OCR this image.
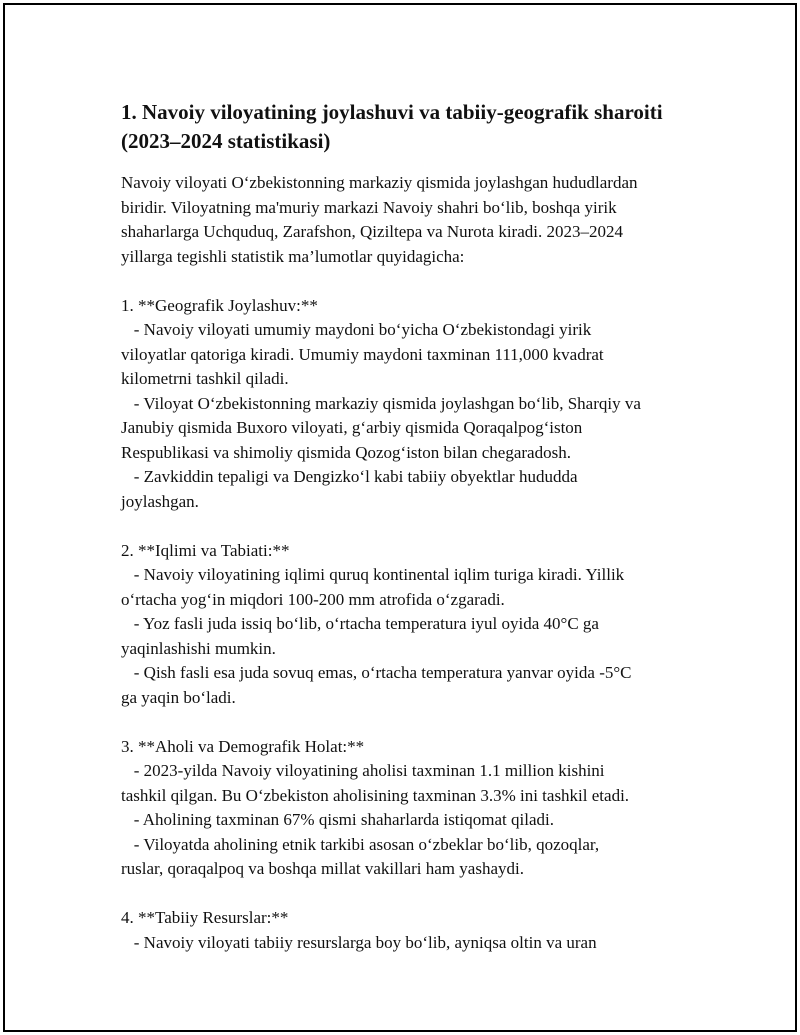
1. Navoiy viloyatining joylashuvi va tabiiy-geografik sharoiti
(2023–2024 statistikasi)
Navoiy viloyati O‘zbekistonning markaziy qismida joylashgan hududlardan
biridir. Viloyatning ma'muriy markazi Navoiy shahri bo‘lib, boshqa yirik
shaharlarga Uchquduq, Zarafshon, Qiziltepa va Nurota kiradi. 2023–2024
yillarga tegishli statistik ma’lumotlar quyidagicha:
1. **Geografik Joylashuv:**
- Navoiy viloyati umumiy maydoni bo‘yicha O‘zbekistondagi yirik
viloyatlar qatoriga kiradi. Umumiy maydoni taxminan 111,000 kvadrat
kilometrni tashkil qiladi.
- Viloyat O‘zbekistonning markaziy qismida joylashgan bo‘lib, Sharqiy va
Janubiy qismida Buxoro viloyati, g‘arbiy qismida Qoraqalpog‘iston
Respublikasi va shimoliy qismida Qozog‘iston bilan chegaradosh.
- Zavkiddin tepaligi va Dengizko‘l kabi tabiiy obyektlar hududda
joylashgan.
2. **Iqlimi va Tabiati:**
- Navoiy viloyatining iqlimi quruq kontinental iqlim turiga kiradi. Yillik
o‘rtacha yog‘in miqdori 100-200 mm atrofida o‘zgaradi.
- Yoz fasli juda issiq bo‘lib, o‘rtacha temperatura iyul oyida 40°C ga
yaqinlashishi mumkin.
- Qish fasli esa juda sovuq emas, o‘rtacha temperatura yanvar oyida -5°C
ga yaqin bo‘ladi.
3. **Aholi va Demografik Holat:**
- 2023-yilda Navoiy viloyatining aholisi taxminan 1.1 million kishini
tashkil qilgan. Bu O‘zbekiston aholisining taxminan 3.3% ini tashkil etadi.
- Aholining taxminan 67% qismi shaharlarda istiqomat qiladi.
- Viloyatda aholining etnik tarkibi asosan o‘zbeklar bo‘lib, qozoqlar,
ruslar, qoraqalpoq va boshqa millat vakillari ham yashaydi.
4. **Tabiiy Resurslar:**
- Navoiy viloyati tabiiy resurslarga boy bo‘lib, ayniqsa oltin va uran
